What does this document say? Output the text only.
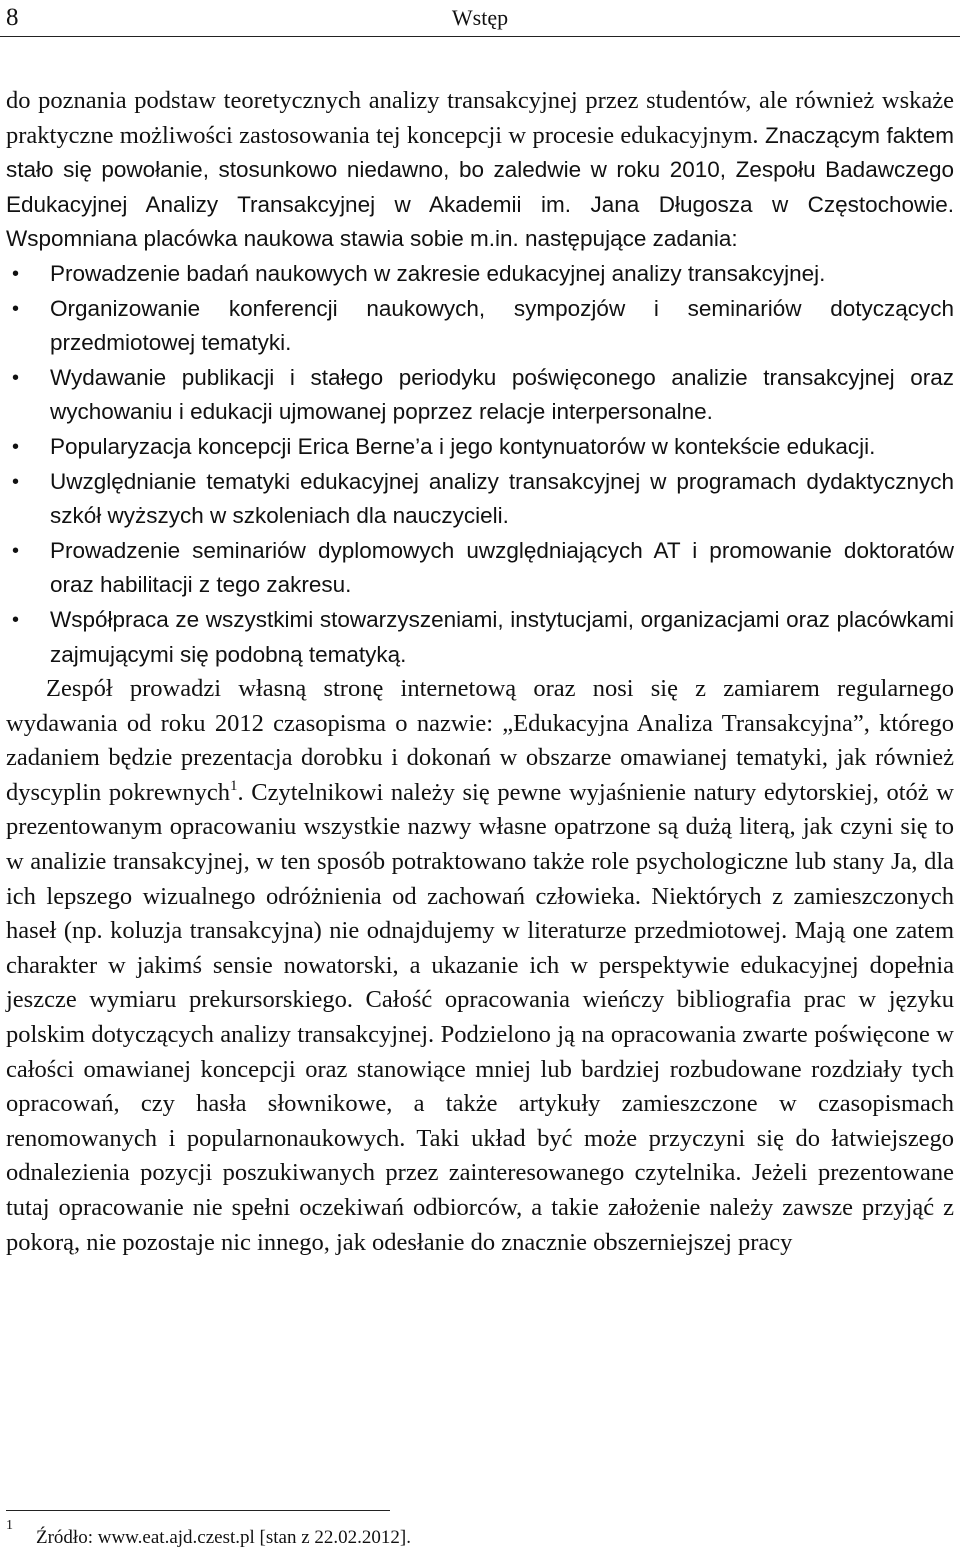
8	Wstęp

do poznania podstaw teoretycznych analizy transakcyjnej przez studentów, ale również wskaże praktyczne możliwości zastosowania tej koncepcji w procesie edukacyjnym. Znaczącym faktem stało się powołanie, stosunkowo niedawno, bo zaledwie w roku 2010, Zespołu Badawczego Edukacyjnej Analizy Transakcyjnej w Akademii im. Jana Długosza w Częstochowie. Wspomniana placówka naukowa stawia sobie m.in. następujące zadania:

• Prowadzenie badań naukowych w zakresie edukacyjnej analizy transakcyjnej.
• Organizowanie konferencji naukowych, sympozjów i seminariów dotyczących przedmiotowej tematyki.
• Wydawanie publikacji i stałego periodyku poświęconego analizie transakcyjnej oraz wychowaniu i edukacji ujmowanej poprzez relacje interpersonalne.
• Popularyzacja koncepcji Erica Berne’a i jego kontynuatorów w kontekście edukacji.
• Uwzględnianie tematyki edukacyjnej analizy transakcyjnej w programach dydaktycznych szkół wyższych w szkoleniach dla nauczycieli.
• Prowadzenie seminariów dyplomowych uwzględniających AT i promowanie doktoratów oraz habilitacji z tego zakresu.
• Współpraca ze wszystkimi stowarzyszeniami, instytucjami, organizacjami oraz placówkami zajmującymi się podobną tematyką.

Zespół prowadzi własną stronę internetową oraz nosi się z zamiarem regularnego wydawania od roku 2012 czasopisma o nazwie: „Edukacyjna Analiza Transakcyjna”, którego zadaniem będzie prezentacja dorobku i dokonań w obszarze omawianej tematyki, jak również dyscyplin pokrewnych$^1$. Czytelnikowi należy się pewne wyjaśnienie natury edytorskiej, otóż w prezentowanym opracowaniu wszystkie nazwy własne opatrzone są dużą literą, jak czyni się to w analizie transakcyjnej, w ten sposób potraktowano także role psychologiczne lub stany Ja, dla ich lepszego wizualnego odróżnienia od zachowań człowieka. Niektórych z zamieszczonych haseł (np. koluzja transakcyjna) nie odnajdujemy w literaturze przedmiotowej. Mają one zatem charakter w jakimś sensie nowatorski, a ukazanie ich w perspektywie edukacyjnej dopełnia jeszcze wymiaru prekursorskiego. Całość opracowania wieńczy bibliografia prac w języku polskim dotyczących analizy transakcyjnej. Podzielono ją na opracowania zwarte poświęcone w całości omawianej koncepcji oraz stanowiące mniej lub bardziej rozbudowane rozdziały tych opracowań, czy hasła słownikowe, a także artykuły zamieszczone w czasopismach renomowanych i popularnonaukowych. Taki układ być może przyczyni się do łatwiejszego odnalezienia pozycji poszukiwanych przez zainteresowanego czytelnika. Jeżeli prezentowane tutaj opracowanie nie spełni oczekiwań odbiorców, a takie założenie należy zawsze przyjąć z pokorą, nie pozostaje nic innego, jak odesłanie do znacznie obszerniejszej pracy

1
Źródło: www.eat.ajd.czest.pl [stan z 22.02.2012].
